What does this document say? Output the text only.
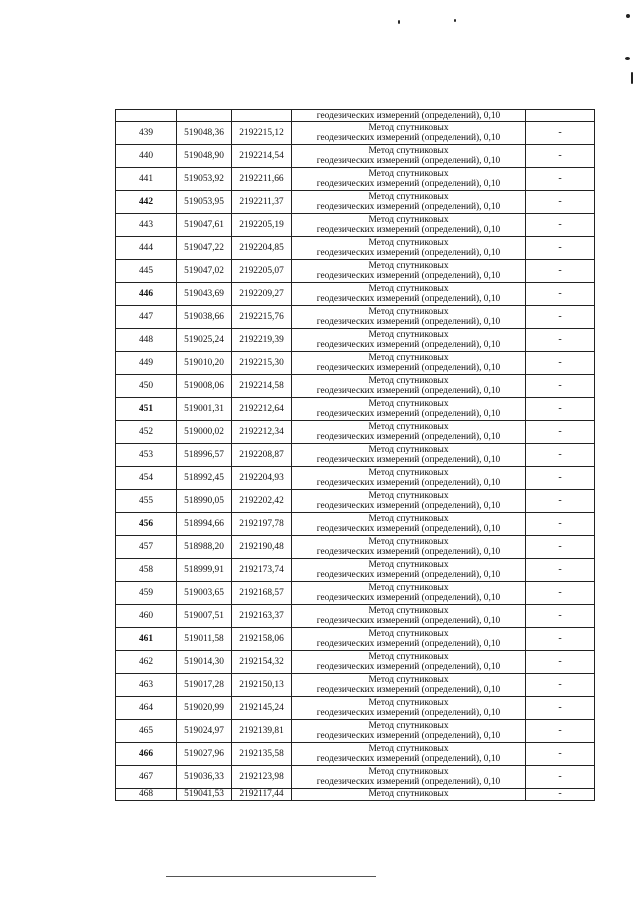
			геодезических измерений (определений), 0,10	
439	519048,36	2192215,12	Метод спутниковых
геодезических измерений (определений), 0,10	-
440	519048,90	2192214,54	Метод спутниковых
геодезических измерений (определений), 0,10	-
441	519053,92	2192211,66	Метод спутниковых
геодезических измерений (определений), 0,10	-
442	519053,95	2192211,37	Метод спутниковых
геодезических измерений (определений), 0,10	-
443	519047,61	2192205,19	Метод спутниковых
геодезических измерений (определений), 0,10	-
444	519047,22	2192204,85	Метод спутниковых
геодезических измерений (определений), 0,10	-
445	519047,02	2192205,07	Метод спутниковых
геодезических измерений (определений), 0,10	-
446	519043,69	2192209,27	Метод спутниковых
геодезических измерений (определений), 0,10	-
447	519038,66	2192215,76	Метод спутниковых
геодезических измерений (определений), 0,10	-
448	519025,24	2192219,39	Метод спутниковых
геодезических измерений (определений), 0,10	-
449	519010,20	2192215,30	Метод спутниковых
геодезических измерений (определений), 0,10	-
450	519008,06	2192214,58	Метод спутниковых
геодезических измерений (определений), 0,10	-
451	519001,31	2192212,64	Метод спутниковых
геодезических измерений (определений), 0,10	-
452	519000,02	2192212,34	Метод спутниковых
геодезических измерений (определений), 0,10	-
453	518996,57	2192208,87	Метод спутниковых
геодезических измерений (определений), 0,10	-
454	518992,45	2192204,93	Метод спутниковых
геодезических измерений (определений), 0,10	-
455	518990,05	2192202,42	Метод спутниковых
геодезических измерений (определений), 0,10	-
456	518994,66	2192197,78	Метод спутниковых
геодезических измерений (определений), 0,10	-
457	518988,20	2192190,48	Метод спутниковых
геодезических измерений (определений), 0,10	-
458	518999,91	2192173,74	Метод спутниковых
геодезических измерений (определений), 0,10	-
459	519003,65	2192168,57	Метод спутниковых
геодезических измерений (определений), 0,10	-
460	519007,51	2192163,37	Метод спутниковых
геодезических измерений (определений), 0,10	-
461	519011,58	2192158,06	Метод спутниковых
геодезических измерений (определений), 0,10	-
462	519014,30	2192154,32	Метод спутниковых
геодезических измерений (определений), 0,10	-
463	519017,28	2192150,13	Метод спутниковых
геодезических измерений (определений), 0,10	-
464	519020,99	2192145,24	Метод спутниковых
геодезических измерений (определений), 0,10	-
465	519024,97	2192139,81	Метод спутниковых
геодезических измерений (определений), 0,10	-
466	519027,96	2192135,58	Метод спутниковых
геодезических измерений (определений), 0,10	-
467	519036,33	2192123,98	Метод спутниковых
геодезических измерений (определений), 0,10	-
468	519041,53	2192117,44	Метод спутниковых	-
